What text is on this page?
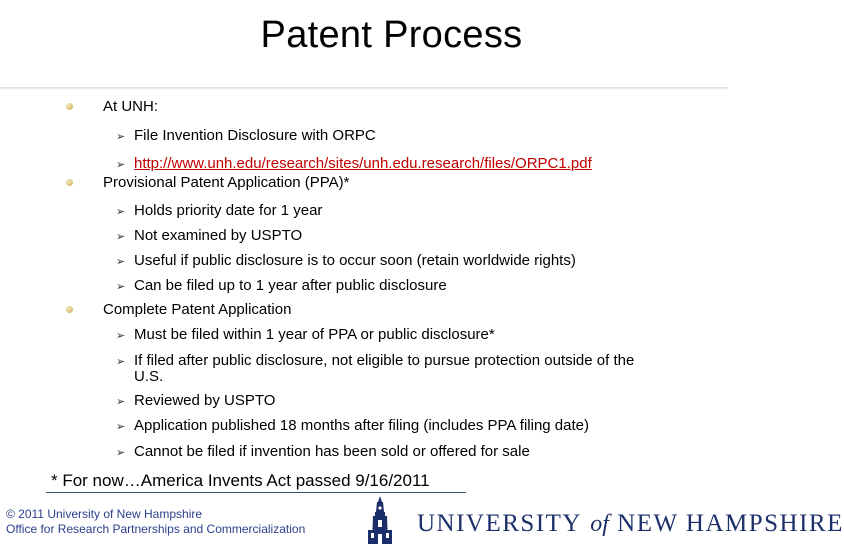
Patent Process
At UNH:
➢ File Invention Disclosure with ORPC
➢ http://www.unh.edu/research/sites/unh.edu.research/files/ORPC1.pdf
Provisional Patent Application (PPA)*
➢ Holds priority date for 1 year
➢ Not examined by USPTO
➢ Useful if public disclosure is to occur soon (retain worldwide rights)
➢ Can be filed up to 1 year after public disclosure
Complete Patent Application
➢ Must be filed within 1 year of PPA or public disclosure*
➢ If filed after public disclosure, not eligible to pursue protection outside of the
U.S.
➢ Reviewed by USPTO
➢ Application published 18 months after filing (includes PPA filing date)
➢ Cannot be filed if invention has been sold or offered for sale
* For now…America Invents Act passed 9/16/2011
© 2011 University of New Hampshire
Office for Research Partnerships and Commercialization	UNIVERSITY of NEW HAMPSHIRE
